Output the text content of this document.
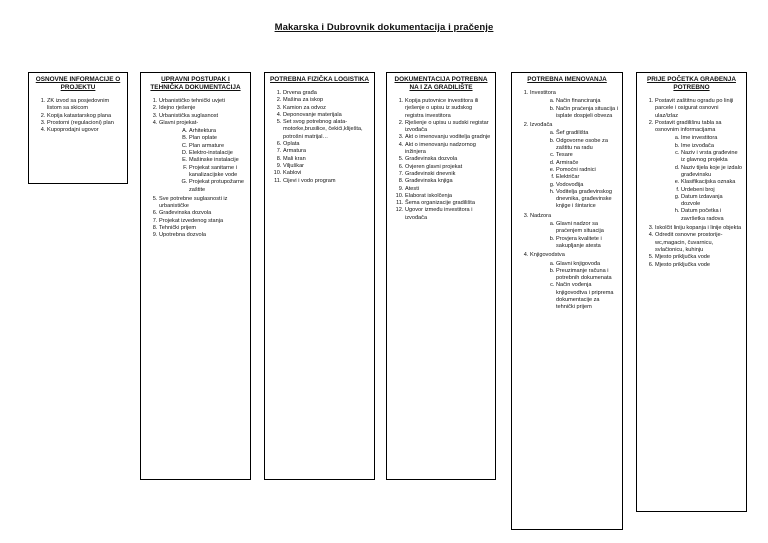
Makarska i Dubrovnik dokumentacija i pračenje
OSNOVNE INFORMACIJE O PROJEKTU
1. ZK izvod sa posjedovnim listom sa skicom
2. Kopija katastarskog plana
3. Prostorni (regulacioni) plan
4. Kupoprodajni ugovor
UPRAVNI POSTUPAK I TEHNIČKA DOKUMENTACIJA
1. Urbanističko tehnički uvjeti
2. Idejno rješenje
3. Urbanistička suglasnost
4. Glavni projekat-
A. Arhitektura
B. Plan oplate
C. Plan armature
D. Elektro-instalacije
E. Mašinske instalacije
F. Projekat sanitarne i kanalizacijske vode
G. Projekat protupožarne zaštite
5. Sve potrebne suglasnosti iz urbanističke
6. Građevinska dozvola
7. Projekat izvedenog stanja
8. Tehnički prijem
9. Upotrebna dozvola
POTREBNA FIZIČKA LOGISTIKA
1. Drvena građa
2. Mašina za iskop
3. Kamion za odvoz
4. Deponovanje materijala
5. Set svog potrebnog alata-motorke,brusilice, čekići,kliješta, potrošni matrijal…
6. Oplata
7. Armatura
8. Mali kran
9. Viljuškar
10. Kablovi
11. Cijevi i vodo program
DOKUMENTACIJA POTREBNA NA I ZA GRADILIŠTE
1. Kopija putovnice investitora ili rješenje o upisu iz sudskog registra investitora
2. Rješenje o upisu u sudski registar izvođača
3. Akt o imenovanju voditelja gradnje
4. Akt o imenovanju nadzornog inžinjera
5. Građevinska dozvola
6. Ovjeren glavni projekat
7. Građevinski dnevnik
8. Građevinska knjiga
9. Atesti
10. Elaborat iskolčenja
11. Šema organizacije gradilišta
12. Ugovor između investitora i izvođača
POTREBNA IMENOVANJA
1. Investitora
a. Način financiranja
b. Način praćenja situacija i isplate dospjeli obveza
2. Izvođača
a. Šef gradilišta
b. Odgovorne osobe za zaštitu na radu
c. Tesare
d. Armirače
e. Pomoćni radnici
f. Električar
g. Vodovođija
h. Voditelja građevinskog dnevnika, građevinske knjige i šintarice
3. Nadzora
a. Glavni nadzor sa praćenjem situacija
b. Provjera kvalitete i sakupljanje atesta
4. Knjigovodstva
a. Glavni knjigovođa
b. Preuzimanje računa i potrebnih dokumenata
c. Način vođenja knjigovodtva i priprema dokumentacije za tehnički prijem
PRIJE POČETKA GRAĐENJA POTREBNO
1. Postavit zaštitnu ogradu po liniji parcele i osigurat osnovni ulaz/izlaz
2. Postavit gradilišnu tabla sa osnovnim informacijama
a. Ime investitora
b. Ime izvođača
c. Naziv i vrsta građevine iz glavnog projekta
d. Naziv tijela koje je izdalo građevinsku
e. Klasifikacijska oznaka
f. Urdebeni broj
g. Datum izdavanja dozvole
h. Datum početka i završetka radova
3. Iskolčit liniju kopanja i linije objekta
4. Odredit osnovne prostorije-wc,magacin, čuvarnicu, svlačionicu, kuhinju
5. Mjesto priključka vode
6. Mjesto priključka vode
